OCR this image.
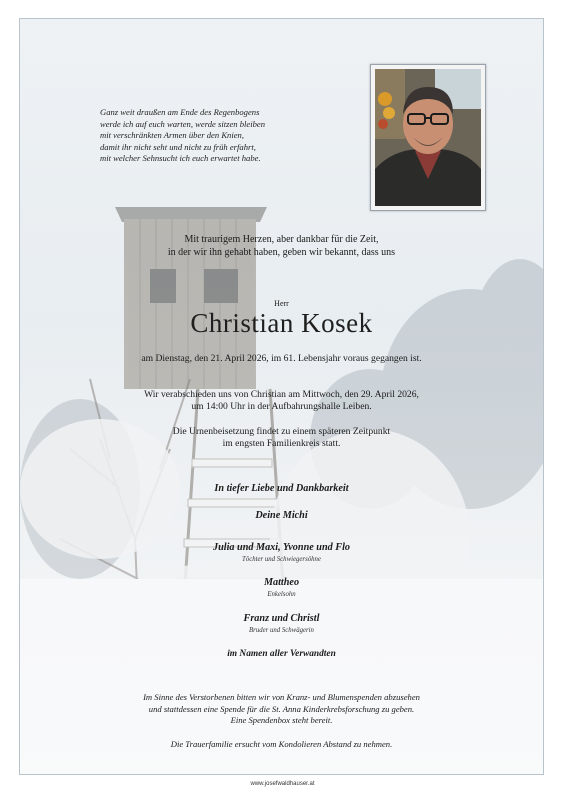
Ganz weit draußen am Ende des Regenbogens
werde ich auf euch warten, werde sitzen bleiben
mit verschränkten Armen über den Knien,
damit ihr nicht seht und nicht zu früh erfahrt,
mit welcher Sehnsucht ich euch erwartet habe.
Mit traurigem Herzen, aber dankbar für die Zeit,
in der wir ihn gehabt haben, geben wir bekannt, dass uns
Herr
Christian Kosek
am Dienstag, den 21. April 2026, im 61. Lebensjahr voraus gegangen ist.
Wir verabschieden uns von Christian am Mittwoch, den 29. April 2026,
um 14:00 Uhr in der Aufbahrungshalle Leiben.
Die Urnenbeisetzung findet zu einem späteren Zeitpunkt
im engsten Familienkreis statt.
In tiefer Liebe und Dankbarkeit
Deine Michi
Julia und Maxi, Yvonne und Flo
Töchter und Schwiegersöhne
Mattheo
Enkelsohn
Franz und Christl
Bruder und Schwägerin
im Namen aller Verwandten
Im Sinne des Verstorbenen bitten wir von Kranz- und Blumenspenden abzusehen
und stattdessen eine Spende für die St. Anna Kinderkrebsforschung zu geben.
Eine Spendenbox steht bereit.
Die Trauerfamilie ersucht vom Kondolieren Abstand zu nehmen.
www.josefwaldhauser.at
